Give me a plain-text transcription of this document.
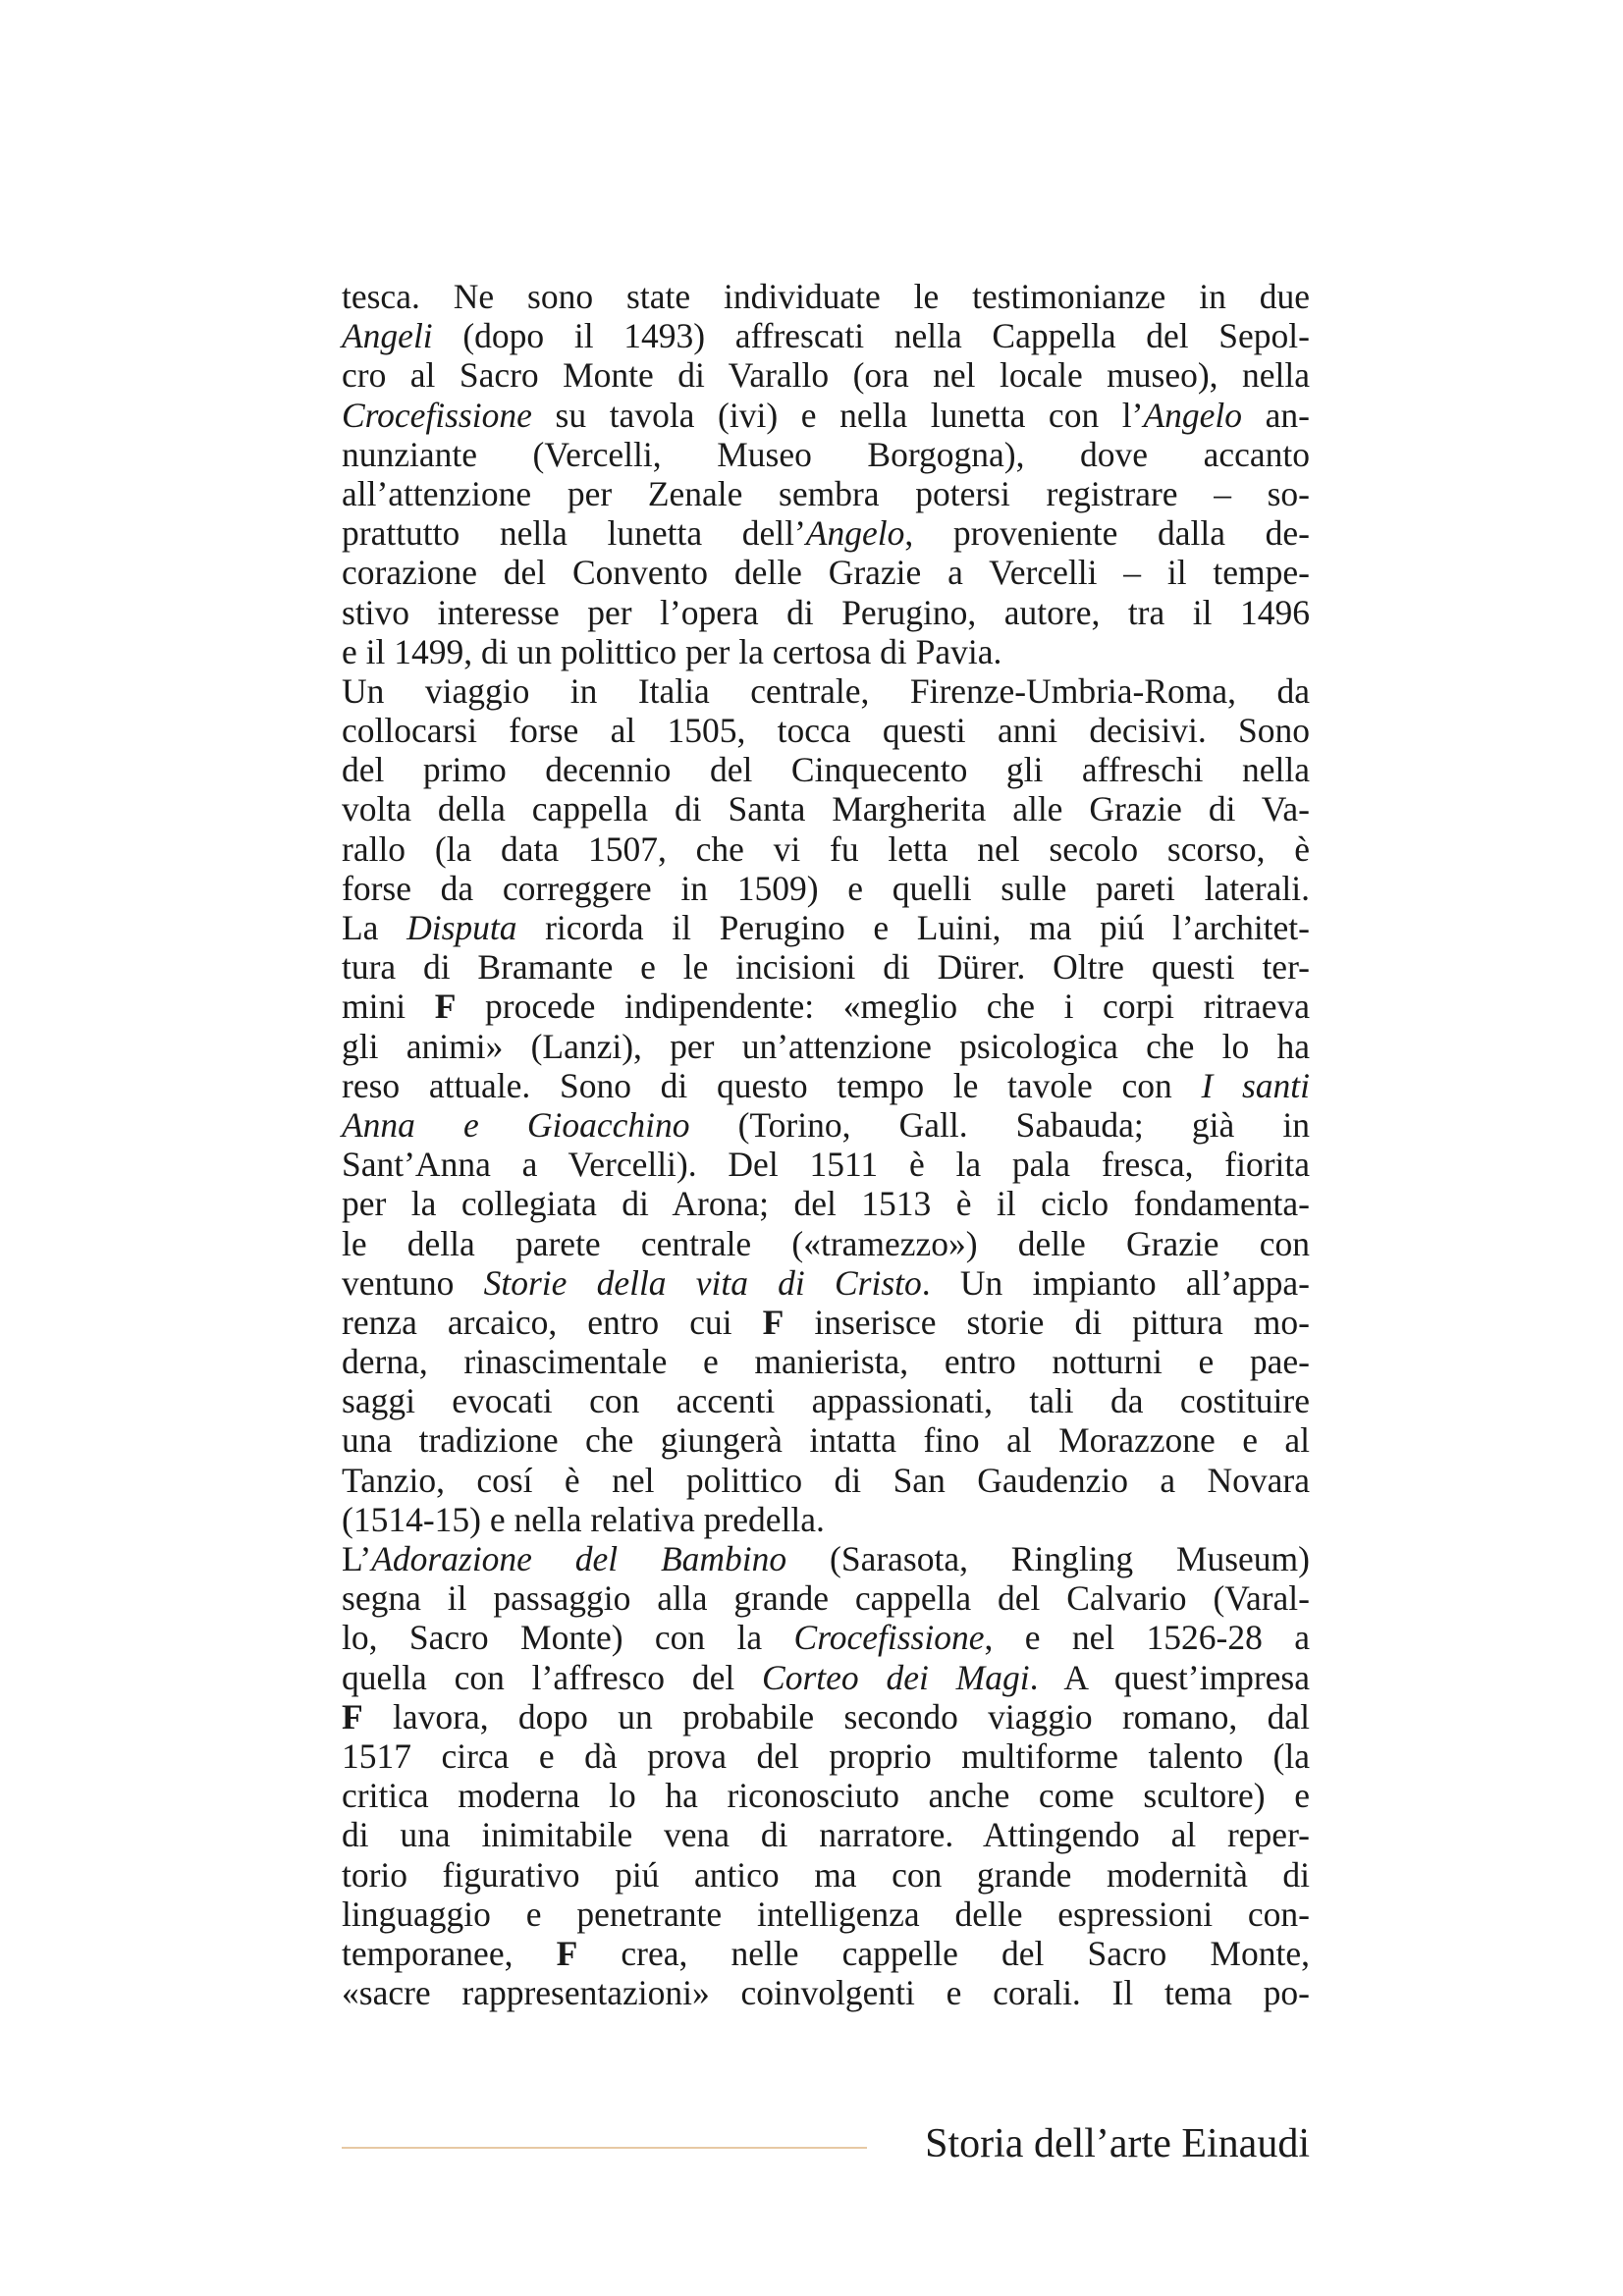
tesca. Ne sono state individuate le testimonianze in due
Angeli (dopo il 1493) affrescati nella Cappella del Sepol-
cro al Sacro Monte di Varallo (ora nel locale museo), nella
Crocefissione su tavola (ivi) e nella lunetta con l’Angelo an-
nunziante (Vercelli, Museo Borgogna), dove accanto
all’attenzione per Zenale sembra potersi registrare – so-
prattutto nella lunetta dell’Angelo, proveniente dalla de-
corazione del Convento delle Grazie a Vercelli – il tempe-
stivo interesse per l’opera di Perugino, autore, tra il 1496
e il 1499, di un polittico per la certosa di Pavia.
Un viaggio in Italia centrale, Firenze-Umbria-Roma, da
collocarsi forse al 1505, tocca questi anni decisivi. Sono
del primo decennio del Cinquecento gli affreschi nella
volta della cappella di Santa Margherita alle Grazie di Va-
rallo (la data 1507, che vi fu letta nel secolo scorso, è
forse da correggere in 1509) e quelli sulle pareti laterali.
La Disputa ricorda il Perugino e Luini, ma piú l’architet-
tura di Bramante e le incisioni di Dürer. Oltre questi ter-
mini F procede indipendente: «meglio che i corpi ritraeva
gli animi» (Lanzi), per un’attenzione psicologica che lo ha
reso attuale. Sono di questo tempo le tavole con I santi
Anna e Gioacchino (Torino, Gall. Sabauda; già in
Sant’Anna a Vercelli). Del 1511 è la pala fresca, fiorita
per la collegiata di Arona; del 1513 è il ciclo fondamenta-
le della parete centrale («tramezzo») delle Grazie con
ventuno Storie della vita di Cristo. Un impianto all’appa-
renza arcaico, entro cui F inserisce storie di pittura mo-
derna, rinascimentale e manierista, entro notturni e pae-
saggi evocati con accenti appassionati, tali da costituire
una tradizione che giungerà intatta fino al Morazzone e al
Tanzio, cosí è nel polittico di San Gaudenzio a Novara
(1514-15) e nella relativa predella.
L’Adorazione del Bambino (Sarasota, Ringling Museum)
segna il passaggio alla grande cappella del Calvario (Varal-
lo, Sacro Monte) con la Crocefissione, e nel 1526-28 a
quella con l’affresco del Corteo dei Magi. A quest’impresa
F lavora, dopo un probabile secondo viaggio romano, dal
1517 circa e dà prova del proprio multiforme talento (la
critica moderna lo ha riconosciuto anche come scultore) e
di una inimitabile vena di narratore. Attingendo al reper-
torio figurativo piú antico ma con grande modernità di
linguaggio e penetrante intelligenza delle espressioni con-
temporanee, F crea, nelle cappelle del Sacro Monte,
«sacre rappresentazioni» coinvolgenti e corali. Il tema po-
Storia dell’arte Einaudi
